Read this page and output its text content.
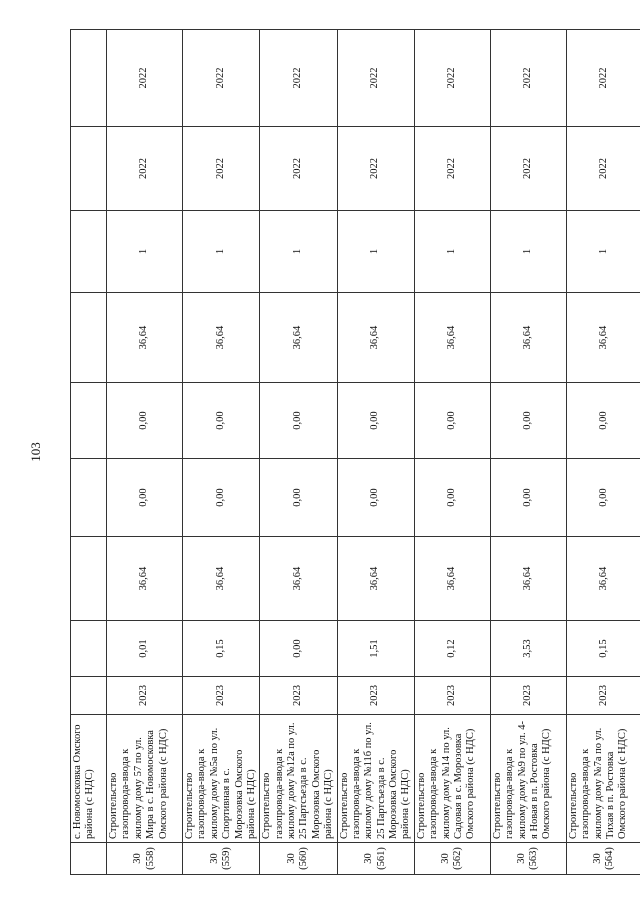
103
	с. Новомосковка Омского района (с НДС)									

30 (558)	Строительство газопровода-ввода к жилому дому 57 по ул. Мира в с. Новомосковка Омского района (с НДС)	2023	0,01	36,64	0,00	0,00	36,64	1	2022	2022

30 (559)	Строительство газопровода-ввода к жилому дому №5а по ул. Спортивная в с. Морозовка Омского района (с НДС)	2023	0,15	36,64	0,00	0,00	36,64	1	2022	2022

30 (560)	Строительство газопровода-ввода к жилому дому №12а по ул. 25 Партсъезда в с. Морозовка Омского района (с НДС)	2023	0,00	36,64	0,00	0,00	36,64	1	2022	2022

30 (561)	Строительство газопровода-ввода к жилому дому №11б по ул. 25 Партсъезда в с. Морозовка Омского района (с НДС)	2023	1,51	36,64	0,00	0,00	36,64	1	2022	2022

30 (562)	Строительство газопровода-ввода к жилому дому №14 по ул. Садовая в с. Морозовка Омского района (с НДС)	2023	0,12	36,64	0,00	0,00	36,64	1	2022	2022

30 (563)	Строительство газопровода-ввода к жилому дому №9 по ул. 4-я Новая в п. Ростовка Омского района (с НДС)	2023	3,53	36,64	0,00	0,00	36,64	1	2022	2022

30 (564)	Строительство газопровода-ввода к жилому дому №7а по ул. Тихая в п. Ростовка Омского района (с НДС)	2023	0,15	36,64	0,00	0,00	36,64	1	2022	2022
